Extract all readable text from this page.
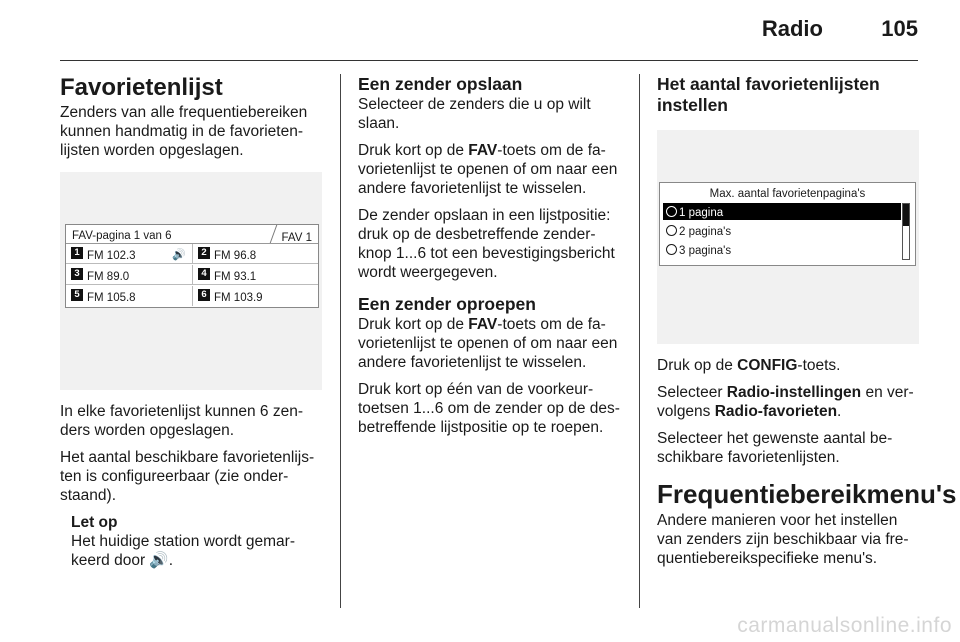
Radio	105
Favorietenlijst

Zenders van alle frequentiebereiken kunnen handmatig in de favorietenlijsten worden opgeslagen.

FAV-pagina 1 van 6	FAV 1
1 FM 102.3	🔊	2 FM 96.8
3 FM 89.0	4 FM 93.1
5 FM 105.8	6 FM 103.9

In elke favorietenlijst kunnen 6 zenders worden opgeslagen.

Het aantal beschikbare favorietenlijsten is configureerbaar (zie onderstaand).

Let op
Het huidige station wordt gemarkeerd door 🔊.
Een zender opslaan

Selecteer de zenders die u op wilt slaan.

Druk kort op de FAV-toets om de favorietenlijst te openen of om naar een andere favorietenlijst te wisselen.

De zender opslaan in een lijstpositie: druk op de desbetreffende zenderknop 1...6 tot een bevestigingsbericht wordt weergegeven.

Een zender oproepen

Druk kort op de FAV-toets om de favorietenlijst te openen of om naar een andere favorietenlijst te wisselen.

Druk kort op één van de voorkeurtoetsen 1...6 om de zender op de desbetreffende lijstpositie op te roepen.

Het aantal favorietenlijsten instellen
Max. aantal favorietenpagina's
1 pagina
2 pagina's
3 pagina's

Druk op de CONFIG-toets.

Selecteer Radio-instellingen en vervolgens Radio-favorieten.

Selecteer het gewenste aantal beschikbare favorietenlijsten.

Frequentiebereikmenu's

Andere manieren voor het instellen van zenders zijn beschikbaar via frequentiebereikspecifieke menu's.

carmanualsonline.info
